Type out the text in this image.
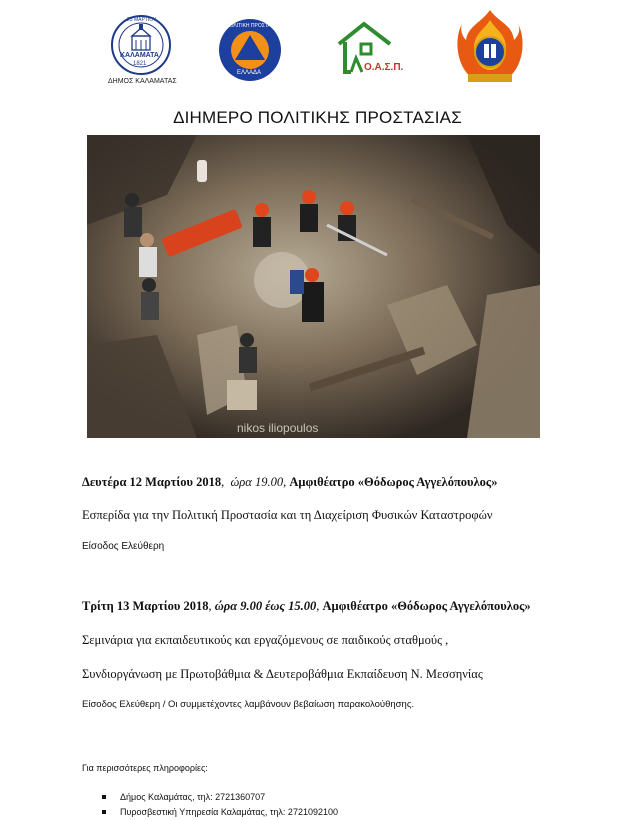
23 ΜΑΡΤΙΟΥ
ΚΑΛΑΜΑΤΑ
1821
ΔΗΜΟΣ ΚΑΛΑΜΑΤΑΣ
ΠΟΛΙΤΙΚΗ ΠΡΟΣΤΑΣΙΑ
ΕΛΛΑΔΑ	Ο.Α.Σ.Π.
ΔΙΗΜΕΡΟ ΠΟΛΙΤΙΚΗΣ ΠΡΟΣΤΑΣΙΑΣ
nikos iliopoulos
Δευτέρα 12 Μαρτίου 2018,  ώρα 19.00, Αμφιθέατρο «Θόδωρος Αγγελόπουλος»
Εσπερίδα για την Πολιτική Προστασία και τη Διαχείριση Φυσικών Καταστροφών
Είσοδος Ελεύθερη
Τρίτη 13 Μαρτίου 2018, ώρα 9.00 έως 15.00, Αμφιθέατρο «Θόδωρος Αγγελόπουλος»
Σεμινάρια για εκπαιδευτικούς και εργαζόμενους σε παιδικούς σταθμούς ,
Συνδιοργάνωση με Πρωτοβάθμια & Δευτεροβάθμια Εκπαίδευση Ν. Μεσσηνίας
Είσοδος Ελεύθερη / Οι συμμετέχοντες λαμβάνουν βεβαίωση παρακολούθησης.
Για περισσότερες πληροφορίες:
Δήμος Καλαμάτας, τηλ: 2721360707
Πυροσβεστική Υπηρεσία Καλαμάτας, τηλ: 2721092100
